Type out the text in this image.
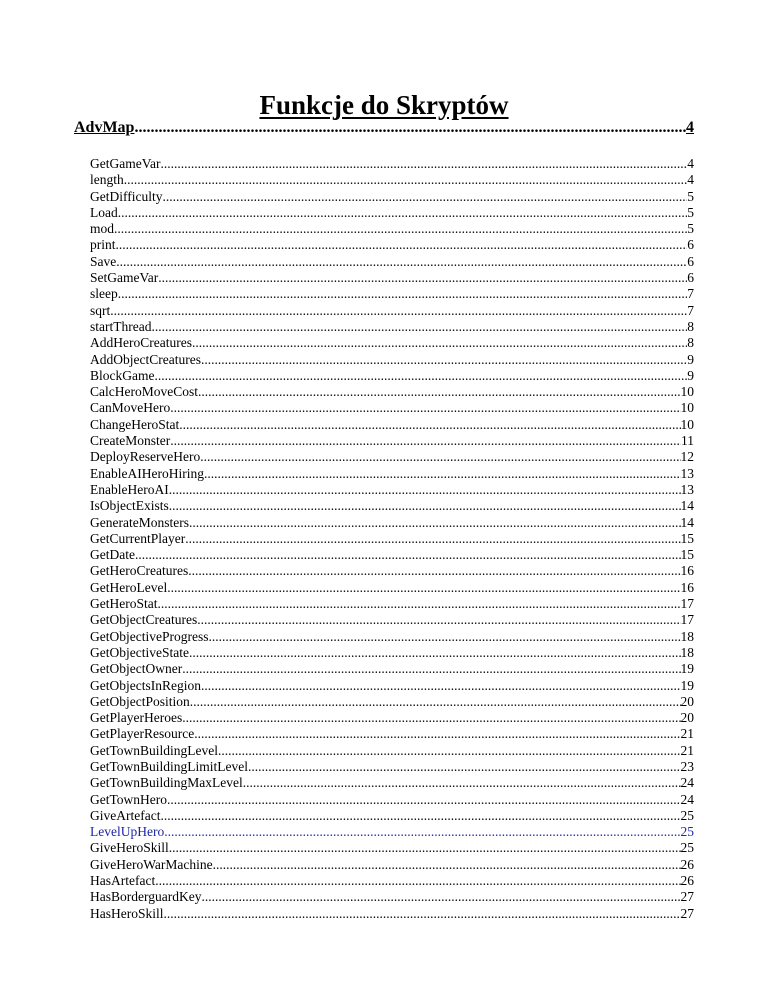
Funkcje do Skryptów
AdvMap .....	4
GetGameVar .....	4
length .....	4
GetDifficulty .....	5
Load .....	5
mod .....	5
print .....	6
Save .....	6
SetGameVar .....	6
sleep .....	7
sqrt .....	7
startThread .....	8
AddHeroCreatures .....	8
AddObjectCreatures .....	9
BlockGame .....	9
CalcHeroMoveCost .....	10
CanMoveHero .....	10
ChangeHeroStat .....	10
CreateMonster .....	11
DeployReserveHero .....	12
EnableAIHeroHiring .....	13
EnableHeroAI .....	13
IsObjectExists .....	14
GenerateMonsters .....	14
GetCurrentPlayer .....	15
GetDate .....	15
GetHeroCreatures .....	16
GetHeroLevel .....	16
GetHeroStat .....	17
GetObjectCreatures .....	17
GetObjectiveProgress .....	18
GetObjectiveState .....	18
GetObjectOwner .....	19
GetObjectsInRegion .....	19
GetObjectPosition .....	20
GetPlayerHeroes .....	20
GetPlayerResource .....	21
GetTownBuildingLevel .....	21
GetTownBuildingLimitLevel .....	23
GetTownBuildingMaxLevel .....	24
GetTownHero .....	24
GiveArtefact .....	25
LevelUpHero .....	25
GiveHeroSkill .....	25
GiveHeroWarMachine .....	26
HasArtefact .....	26
HasBorderguardKey .....	27
HasHeroSkill .....	27
